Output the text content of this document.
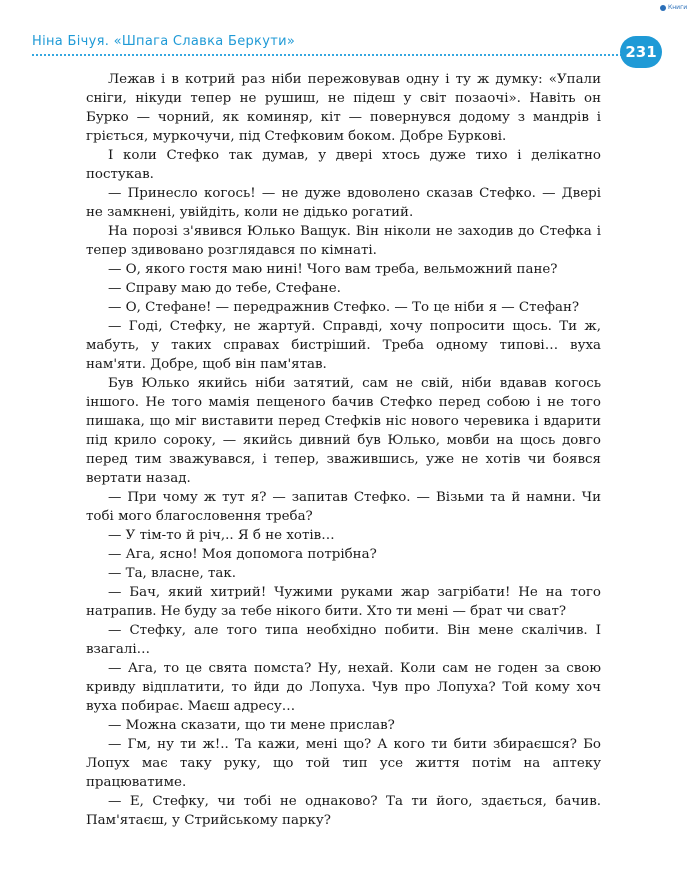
Книги
Ніна Бічуя. «Шпага Славка Беркути»
231

Лежав і в котрий раз ніби пережовував одну і ту ж думку: «Упали сніги, нікуди тепер не рушиш, не підеш у світ позаочі». Навіть он Бурко — чорний, як коминяр, кіт — повернувся додому з мандрів і гріється, муркочучи, під Стефковим боком. Добре Буркові.

І коли Стефко так думав, у двері хтось дуже тихо і делікатно постукав.

— Принесло когось! — не дуже вдоволено сказав Стефко. — Двері не замкнені, увійдіть, коли не дідько рогатий.

На порозі з'явився Юлько Ващук. Він ніколи не заходив до Стефка і тепер здивовано розглядався по кімнаті.

— О, якого гостя маю нині! Чого вам треба, вельможний пане?

— Справу маю до тебе, Стефане.

— О, Стефане! — передражнив Стефко. — То це ніби я — Стефан?

— Годі, Стефку, не жартуй. Справді, хочу попросити щось. Ти ж, мабуть, у таких справах бистріший. Треба одному типові… вуха нам'яти. Добре, щоб він пам'ятав.

Був Юлько якийсь ніби затятий, сам не свій, ніби вдавав когось іншого. Не того мамія пещеного бачив Стефко перед собою і не того пишака, що міг виставити перед Стефків ніс нового черевика і вдарити під крило сороку, — якийсь дивний був Юлько, мовби на щось довго перед тим зважувався, і тепер, зважившись, уже не хотів чи боявся вертати назад.

— При чому ж тут я? — запитав Стефко. — Візьми та й намни. Чи тобі мого благословення треба?

— У тім-то й річ,.. Я б не хотів…

— Ага, ясно! Моя допомога потрібна?

— Та, власне, так.

— Бач, який хитрий! Чужими руками жар загрібати! Не на того натрапив. Не буду за тебе нікого бити. Хто ти мені — брат чи сват?

— Стефку, але того типа необхідно побити. Він мене скалічив. І взагалі…

— Ага, то це свята помста? Ну, нехай. Коли сам не годен за свою кривду відплатити, то йди до Лопуха. Чув про Лопуха? Той кому хоч вуха побирає. Маєш адресу…

— Можна сказати, що ти мене прислав?

— Гм, ну ти ж!.. Та кажи, мені що? А кого ти бити збираєшся? Бо Лопух має таку руку, що той тип усе життя потім на аптеку працюватиме.

— Е, Стефку, чи тобі не однаково? Та ти його, здається, бачив. Пам'ятаєш, у Стрийському парку?
